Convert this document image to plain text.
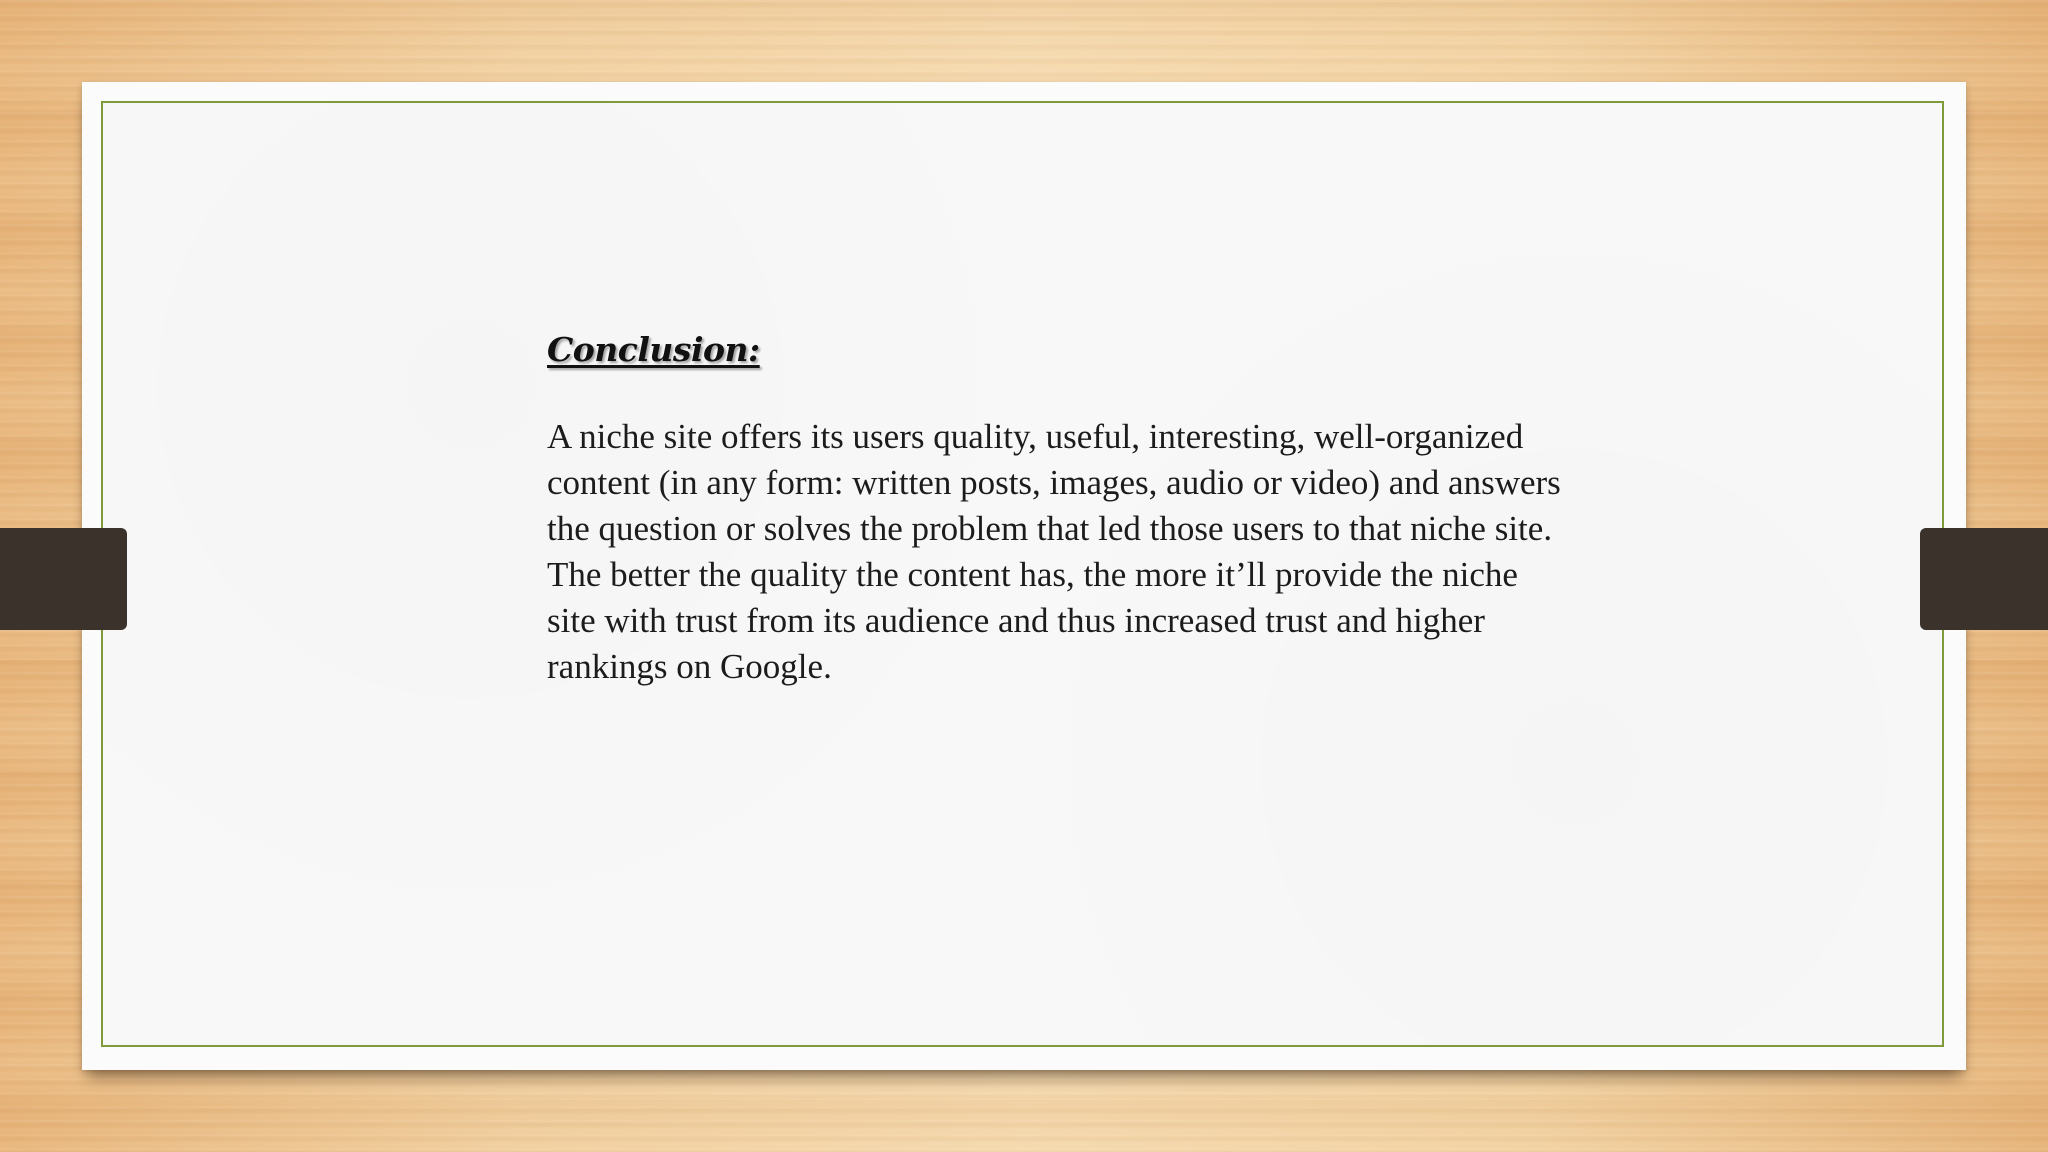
Conclusion:

A niche site offers its users quality, useful, interesting, well-organized content (in any form: written posts, images, audio or video) and answers the question or solves the problem that led those users to that niche site.

The better the quality the content has, the more it’ll provide the niche site with trust from its audience and thus increased trust and higher rankings on Google.
